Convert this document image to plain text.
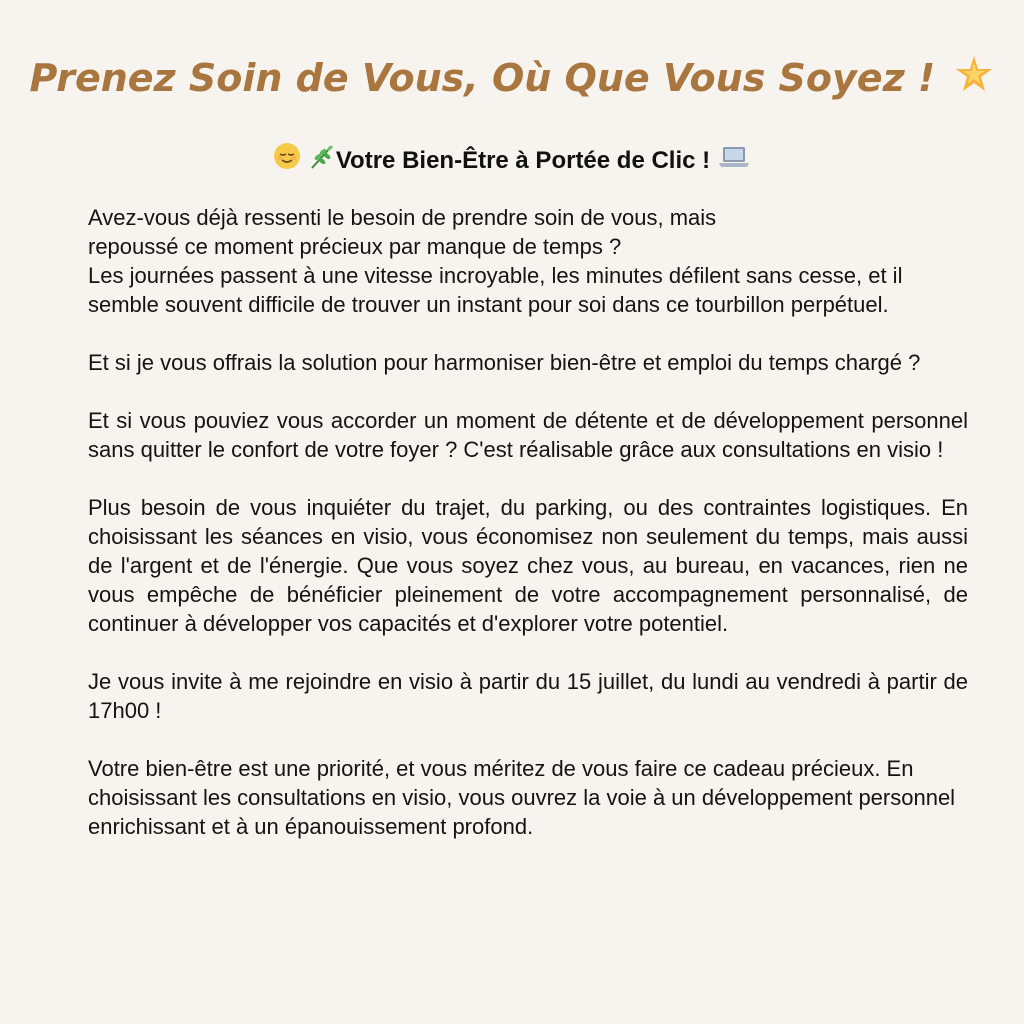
Prenez Soin de Vous, Où Que Vous Soyez !
Votre Bien-Être à Portée de Clic !

Avez-vous déjà ressenti le besoin de prendre soin de vous, mais
repoussé ce moment précieux par manque de temps ?
Les journées passent à une vitesse incroyable, les minutes défilent sans cesse, et il semble souvent difficile de trouver un instant pour soi dans ce tourbillon perpétuel.

Et si je vous offrais la solution pour harmoniser bien-être et emploi du temps chargé ?

Et si vous pouviez vous accorder un moment de détente et de développement personnel sans quitter le confort de votre foyer ? C'est réalisable grâce aux consultations en visio !

Plus besoin de vous inquiéter du trajet, du parking, ou des contraintes logistiques. En choisissant les séances en visio, vous économisez non seulement du temps, mais aussi de l'argent et de l'énergie. Que vous soyez chez vous, au bureau, en vacances, rien ne vous empêche de bénéficier pleinement de votre accompagnement personnalisé, de continuer à développer vos capacités et d'explorer votre potentiel.

Je vous invite à me rejoindre en visio à partir du 15 juillet, du lundi au vendredi à partir de 17h00 !

Votre bien-être est une priorité, et vous méritez de vous faire ce cadeau précieux. En choisissant les consultations en visio, vous ouvrez la voie à un développement personnel enrichissant et à un épanouissement profond.
